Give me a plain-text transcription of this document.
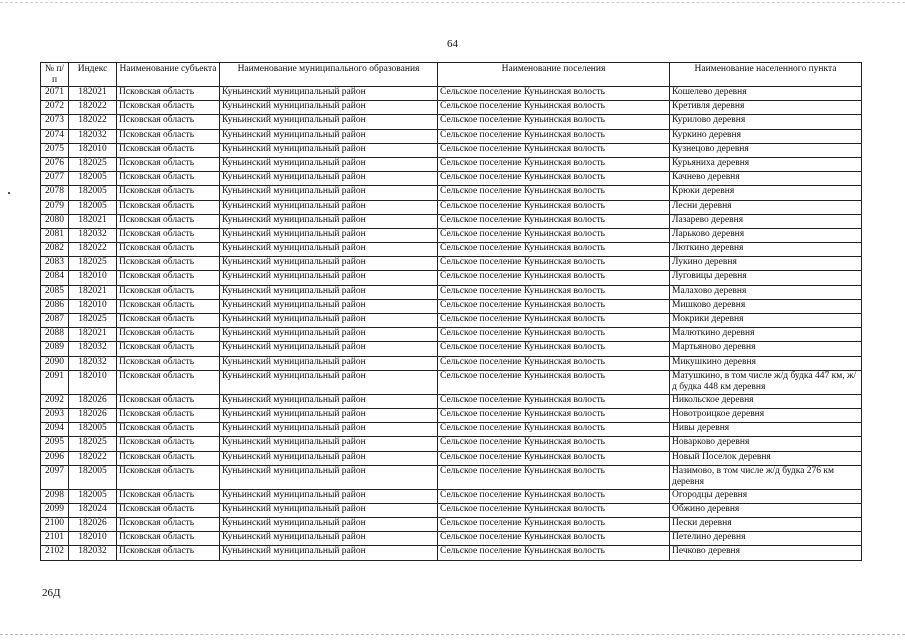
64
№ п/п	Индекс	Наименование субъекта	Наименование муниципального образования	Наименование поселения	Наименование населенного пункта
2071	182021	Псковская область	Куньинский муниципальный район	Сельское поселение Куньинская волость	Кошелево деревня
2072	182022	Псковская область	Куньинский муниципальный район	Сельское поселение Куньинская волость	Кретивля деревня
2073	182022	Псковская область	Куньинский муниципальный район	Сельское поселение Куньинская волость	Курилово деревня
2074	182032	Псковская область	Куньинский муниципальный район	Сельское поселение Куньинская волость	Куркино деревня
2075	182010	Псковская область	Куньинский муниципальный район	Сельское поселение Куньинская волость	Кузнецово деревня
2076	182025	Псковская область	Куньинский муниципальный район	Сельское поселение Куньинская волость	Курьяниха деревня
2077	182005	Псковская область	Куньинский муниципальный район	Сельское поселение Куньинская волость	Качнево деревня
2078	182005	Псковская область	Куньинский муниципальный район	Сельское поселение Куньинская волость	Крюки деревня
2079	182005	Псковская область	Куньинский муниципальный район	Сельское поселение Куньинская волость	Лесни деревня
2080	182021	Псковская область	Куньинский муниципальный район	Сельское поселение Куньинская волость	Лазарево деревня
2081	182032	Псковская область	Куньинский муниципальный район	Сельское поселение Куньинская волость	Ларьково деревня
2082	182022	Псковская область	Куньинский муниципальный район	Сельское поселение Куньинская волость	Люткино деревня
2083	182025	Псковская область	Куньинский муниципальный район	Сельское поселение Куньинская волость	Лукино деревня
2084	182010	Псковская область	Куньинский муниципальный район	Сельское поселение Куньинская волость	Луговицы деревня
2085	182021	Псковская область	Куньинский муниципальный район	Сельское поселение Куньинская волость	Малахово деревня
2086	182010	Псковская область	Куньинский муниципальный район	Сельское поселение Куньинская волость	Мишково деревня
2087	182025	Псковская область	Куньинский муниципальный район	Сельское поселение Куньинская волость	Мокрики деревня
2088	182021	Псковская область	Куньинский муниципальный район	Сельское поселение Куньинская волость	Малюткино деревня
2089	182032	Псковская область	Куньинский муниципальный район	Сельское поселение Куньинская волость	Мартьяново деревня
2090	182032	Псковская область	Куньинский муниципальный район	Сельское поселение Куньинская волость	Микушкино деревня
2091	182010	Псковская область	Куньинский муниципальный район	Сельское поселение Куньинская волость	Матушкино, в том числе ж/д будка 447 км, ж/д будка 448 км деревня
2092	182026	Псковская область	Куньинский муниципальный район	Сельское поселение Куньинская волость	Никольское деревня
2093	182026	Псковская область	Куньинский муниципальный район	Сельское поселение Куньинская волость	Новотроицкое деревня
2094	182005	Псковская область	Куньинский муниципальный район	Сельское поселение Куньинская волость	Нивы деревня
2095	182025	Псковская область	Куньинский муниципальный район	Сельское поселение Куньинская волость	Новарково деревня
2096	182022	Псковская область	Куньинский муниципальный район	Сельское поселение Куньинская волость	Новый Поселок деревня
2097	182005	Псковская область	Куньинский муниципальный район	Сельское поселение Куньинская волость	Назимово, в том числе ж/д будка 276 км деревня
2098	182005	Псковская область	Куньинский муниципальный район	Сельское поселение Куньинская волость	Огородцы деревня
2099	182024	Псковская область	Куньинский муниципальный район	Сельское поселение Куньинская волость	Обжино деревня
2100	182026	Псковская область	Куньинский муниципальный район	Сельское поселение Куньинская волость	Пески деревня
2101	182010	Псковская область	Куньинский муниципальный район	Сельское поселение Куньинская волость	Петелино деревня
2102	182032	Псковская область	Куньинский муниципальный район	Сельское поселение Куньинская волость	Печково деревня
26Д
